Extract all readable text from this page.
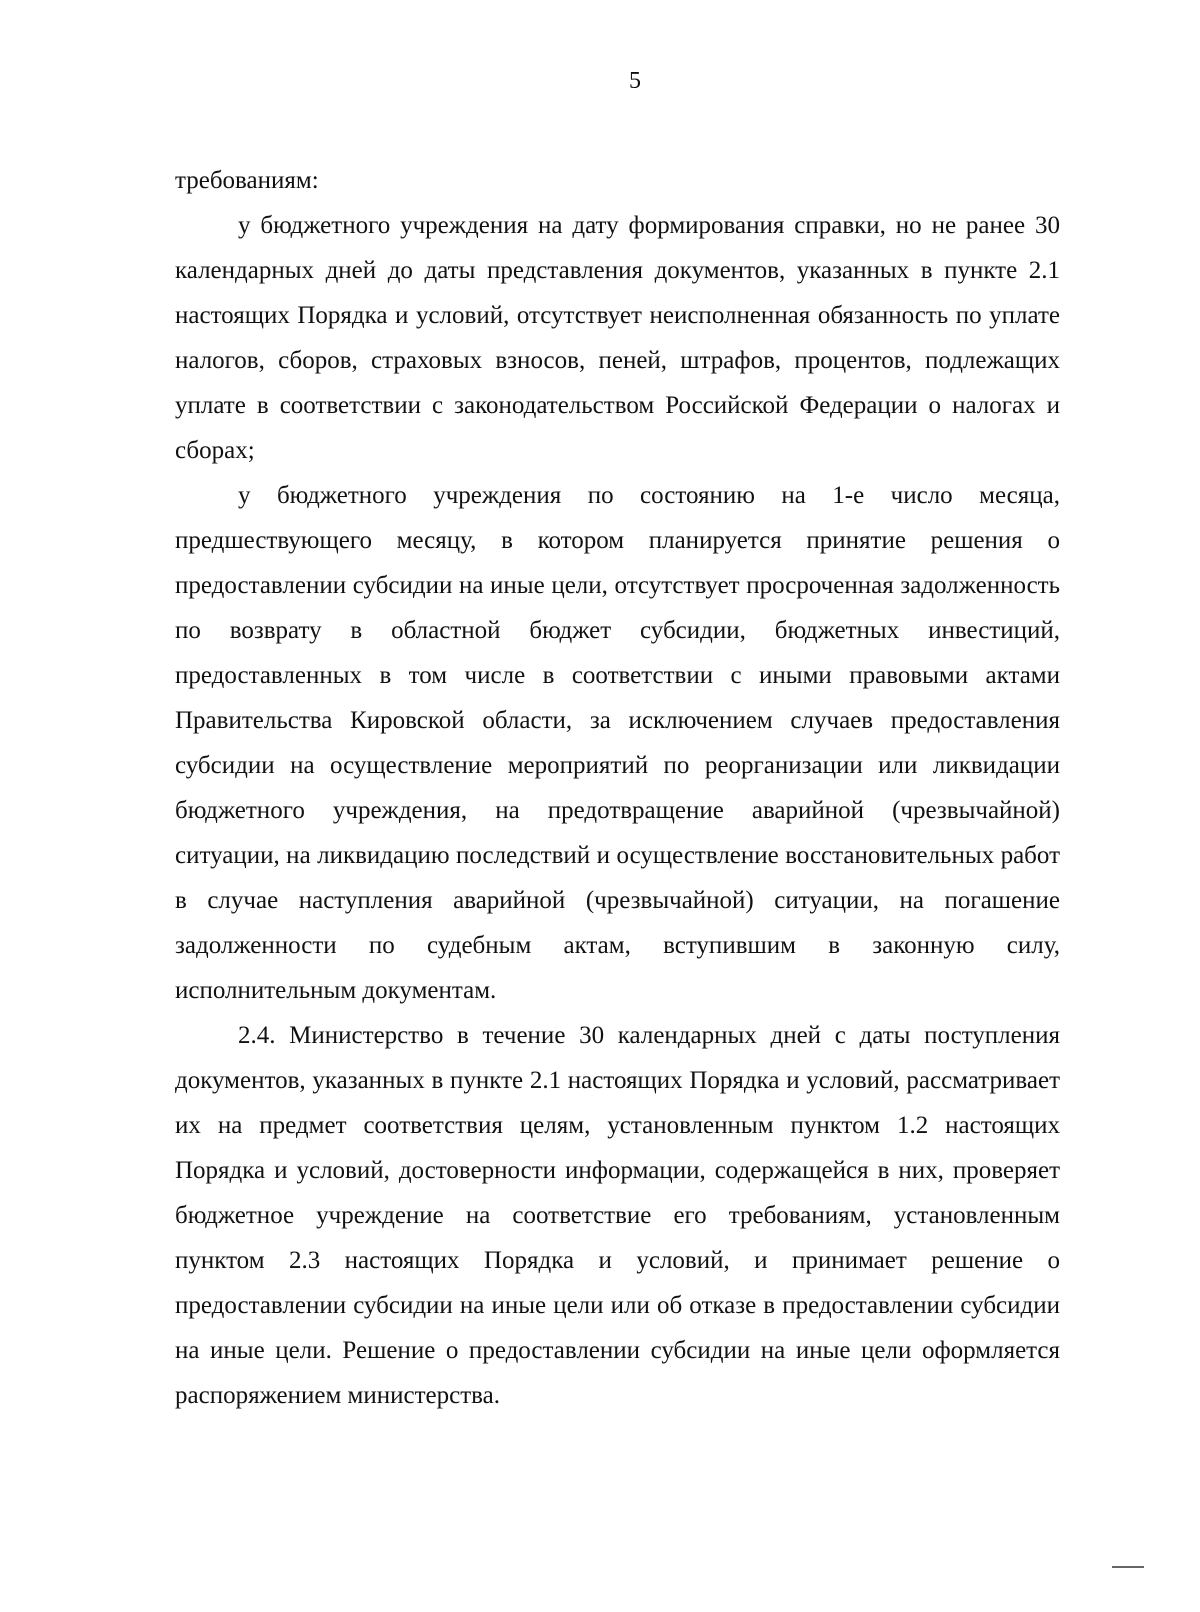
5

требованиям:

у бюджетного учреждения на дату формирования справки, но не ранее 30 календарных дней до даты представления документов, указанных в пункте 2.1 настоящих Порядка и условий, отсутствует неисполненная обязанность по уплате налогов, сборов, страховых взносов, пеней, штрафов, процентов, подлежащих уплате в соответствии с законодательством Российской Федерации о налогах и сборах;

у бюджетного учреждения по состоянию на 1-е число месяца, предшествующего месяцу, в котором планируется принятие решения о предоставлении субсидии на иные цели, отсутствует просроченная задолженность по возврату в областной бюджет субсидии, бюджетных инвестиций, предоставленных в том числе в соответствии с иными правовыми актами Правительства Кировской области, за исключением случаев предоставления субсидии на осуществление мероприятий по реорганизации или ликвидации бюджетного учреждения, на предотвращение аварийной (чрезвычайной) ситуации, на ликвидацию последствий и осуществление восстановительных работ в случае наступления аварийной (чрезвычайной) ситуации, на погашение задолженности по судебным актам, вступившим в законную силу, исполнительным документам.

2.4. Министерство в течение 30 календарных дней с даты поступления документов, указанных в пункте 2.1 настоящих Порядка и условий, рассматривает их на предмет соответствия целям, установленным пунктом 1.2 настоящих Порядка и условий, достоверности информации, содержащейся в них, проверяет бюджетное учреждение на соответствие его требованиям, установленным пунктом 2.3 настоящих Порядка и условий, и принимает решение о предоставлении субсидии на иные цели или об отказе в предоставлении субсидии на иные цели. Решение о предоставлении субсидии на иные цели оформляется распоряжением министерства.
